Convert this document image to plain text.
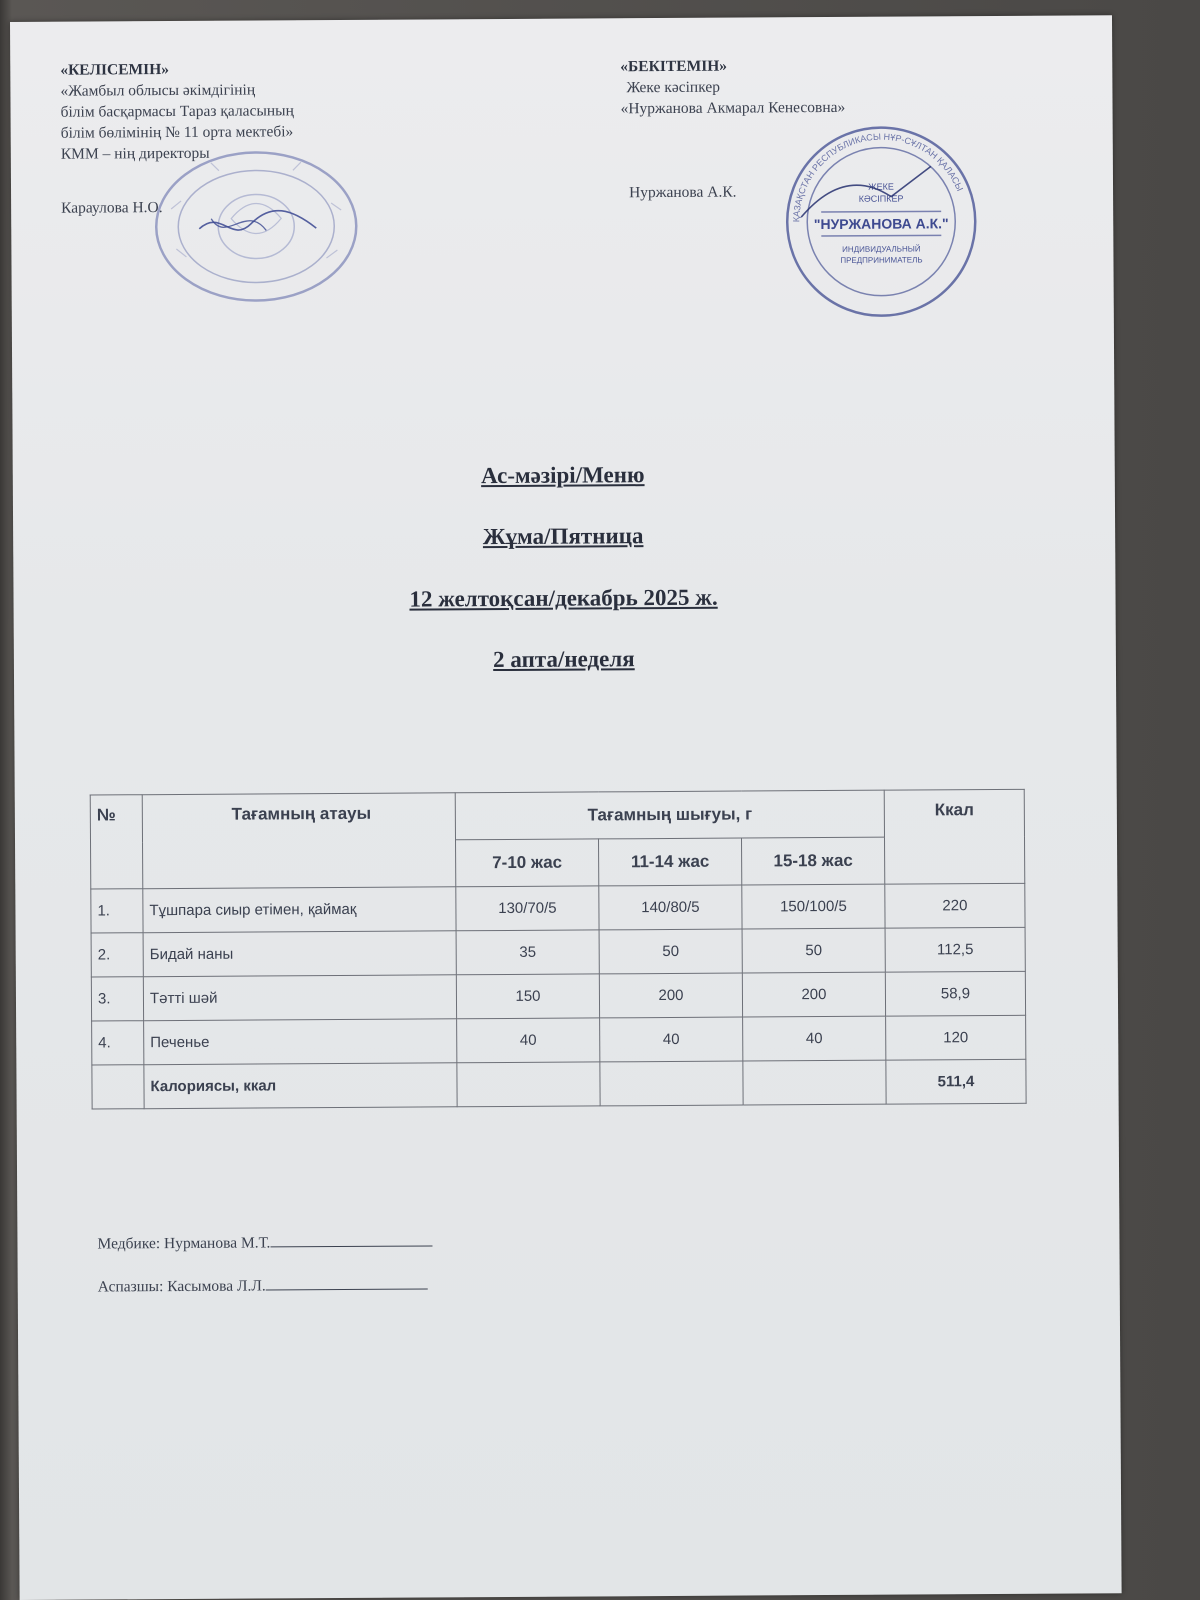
«КЕЛІСЕМІН»
«Жамбыл облысы әкімдігінің
білім басқармасы Тараз қаласының
білім бөлімінің № 11 орта мектебі»
КММ – нің директоры
Караулова Н.О.
«БЕКІТЕМІН»
Жеке кәсіпкер
«Нуржанова Акмарал Кенесовна»
Нуржанова А.К.
ҚАЗАҚСТАН РЕСПУБЛИКАСЫ НҰР-СҰЛТАН ҚАЛАСЫ
ЖЕКЕ
КӘСІПКЕР
"НУРЖАНОВА А.К."
ИНДИВИДУАЛЬНЫЙ
ПРЕДПРИНИМАТЕЛЬ
Ас-мәзірі/Меню
Жұма/Пятница
12 желтоқсан/декабрь 2025 ж.
2 апта/неделя
№	Тағамның атауы	Тағамның шығуы, г			Ккал
		7-10 жас	11-14 жас	15-18 жас	
1.	Тұшпара сиыр етімен, қаймақ	130/70/5	140/80/5	150/100/5	220
2.	Бидай наны	35	50	50	112,5
3.	Тәтті шәй	150	200	200	58,9
4.	Печенье	40	40	40	120
	Калориясы, ккал				511,4
Медбике: Нурманова М.Т.
Аспазшы: Касымова Л.Л.
